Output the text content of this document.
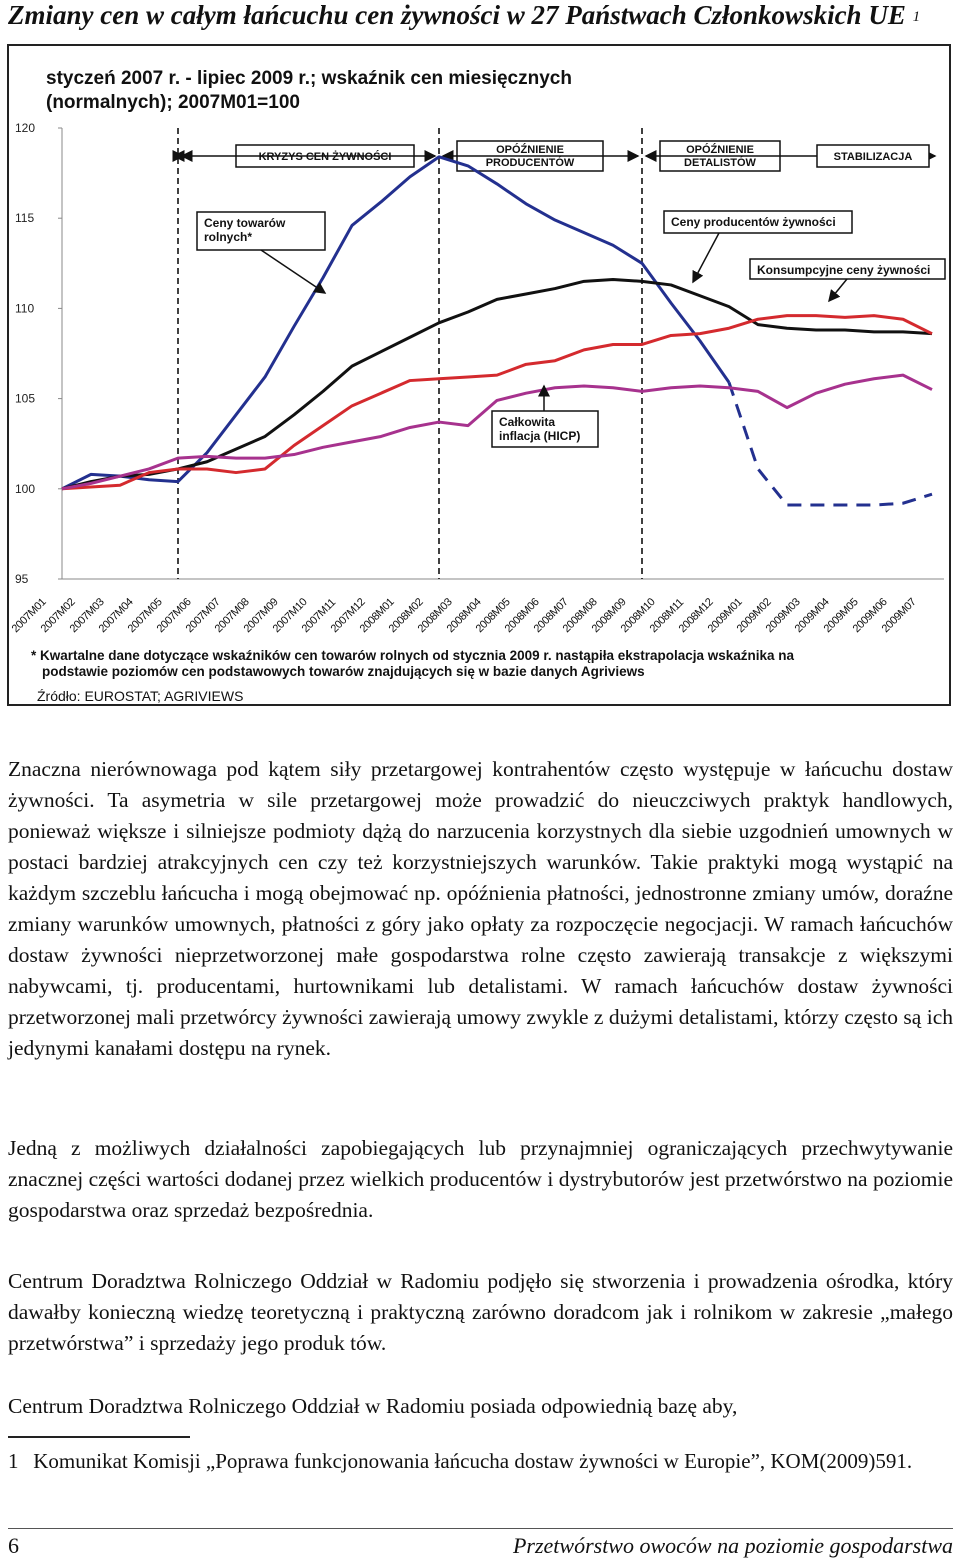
Zmiany cen w całym łańcuchu cen żywności w 27 Państwach Członkowskich UE $^1$
styczeń 2007 r. - lipiec 2009 r.; wskaźnik cen miesięcznych
(normalnych); 2007M01=100
120
115
110
105
100
95
2007M01
2007M02
2007M03
2007M04
2007M05
2007M06
2007M07
2007M08
2007M09
2007M10
2007M11
2007M12
2008M01
2008M02
2008M03
2008M04
2008M05
2008M06
2008M07
2008M08
2008M09
2008M10
2008M11
2008M12
2009M01
2009M02
2009M03
2009M04
2009M05
2009M06
2009M07
KRYZYS CEN ŻYWNOŚCI
OPÓŹNIENIE
PRODUCENTÓW
OPÓŹNIENIE
DETALISTÓW	STABILIZACJA
Ceny towarów
rolnych*
Ceny producentów żywności
Konsumpcyjne ceny żywności
Całkowita
inflacja (HICP)
* Kwartalne dane dotyczące wskaźników cen towarów rolnych od stycznia 2009 r. nastąpiła ekstrapolacja wskaźnika na
podstawie poziomów cen podstawowych towarów znajdujących się w bazie danych Agriviews
Źródło: EUROSTAT; AGRIVIEWS
Znaczna nierównowaga pod kątem siły przetargowej kontrahentów często występuje w łańcuchu dostaw żywności. Ta asymetria w sile przetargowej może prowadzić do nieuczciwych praktyk handlowych, ponieważ większe i silniejsze podmioty dążą do narzucenia korzystnych dla siebie uzgodnień umownych w postaci bardziej atrakcyjnych cen czy też korzystniejszych warunków. Takie praktyki mogą wystąpić na każdym szczeblu łańcucha i mogą obejmować np. opóźnienia płatności, jednostronne zmiany umów, doraźne zmiany warunków umownych, płatności z góry jako opłaty za rozpoczęcie negocjacji. W ramach łańcuchów dostaw żywności nieprzetworzonej małe gospodarstwa rolne często zawierają transakcje z większymi nabywcami, tj. producentami, hurtownikami lub detalistami. W ramach łańcuchów dostaw żywności przetworzonej mali przetwórcy żywności zawierają umowy zwykle z dużymi detalistami, którzy często są ich jedynymi kanałami dostępu na rynek.
Jedną z możliwych działalności zapobiegających lub przynajmniej ograniczających przechwytywanie znacznej części wartości dodanej przez wielkich producentów i dystrybutorów jest przetwórstwo na poziomie gospodarstwa oraz sprzedaż bezpośrednia.
Centrum Doradztwa Rolniczego Oddział w Radomiu podjęło się stworzenia i prowadzenia ośrodka, który dawałby konieczną wiedzę teoretyczną i praktyczną zarówno doradcom jak i rolnikom w zakresie „małego przetwórstwa” i sprzedaży jego produk tów.
Centrum Doradztwa Rolniczego Oddział w Radomiu posiada odpowiednią bazę aby,
1 Komunikat Komisji „Poprawa funkcjonowania łańcucha dostaw żywności w Europie”, KOM(2009)591.
6	Przetwórstwo owoców na poziomie gospodarstwa
